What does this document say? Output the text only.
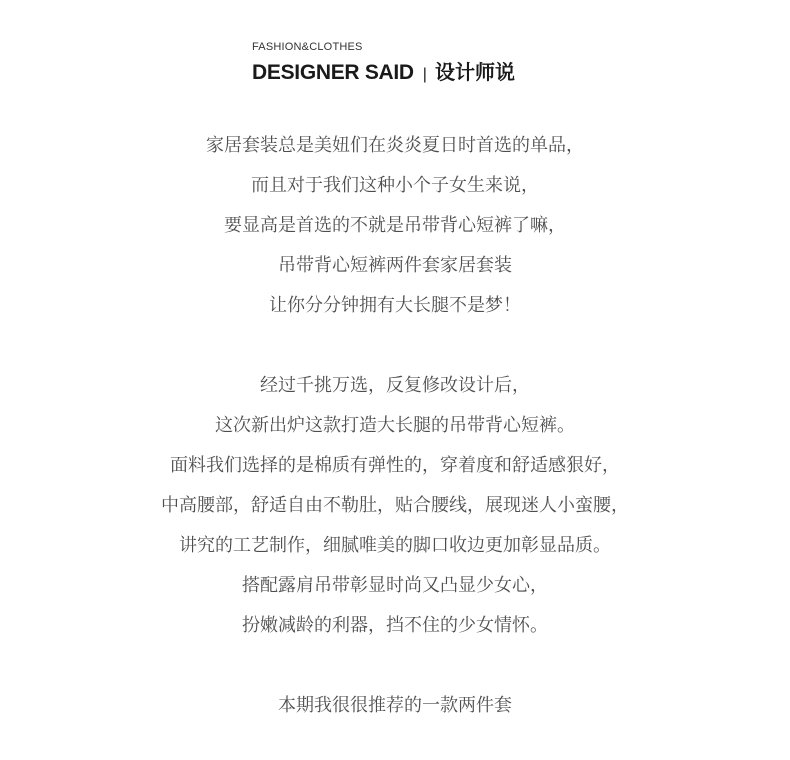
FASHION&CLOTHES
DESIGNER SAID | 设计师说
家居套装总是美妞们在炎炎夏日时首选的单品，
而且对于我们这种小个子女生来说，
要显高是首选的不就是吊带背心短裤了嘛，
吊带背心短裤两件套家居套装
让你分分钟拥有大长腿不是梦！
经过千挑万选，反复修改设计后，
这次新出炉这款打造大长腿的吊带背心短裤。
面料我们选择的是棉质有弹性的，穿着度和舒适感狠好，
中高腰部，舒适自由不勒肚，贴合腰线，展现迷人小蛮腰，
讲究的工艺制作，细腻唯美的脚口收边更加彰显品质。
搭配露肩吊带彰显时尚又凸显少女心，
扮嫩减龄的利器，挡不住的少女情怀。
本期我很很推荐的一款两件套
